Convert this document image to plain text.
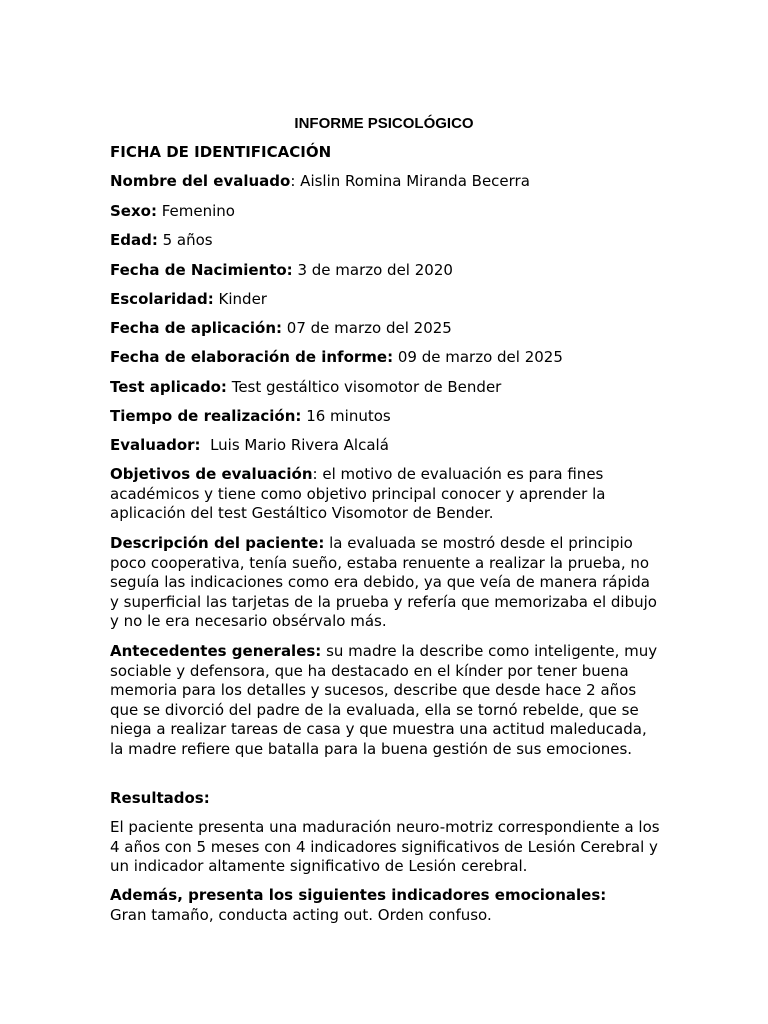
INFORME PSICOLÓGICO

FICHA DE IDENTIFICACIÓN

Nombre del evaluado: Aislin Romina Miranda Becerra

Sexo: Femenino

Edad: 5 años

Fecha de Nacimiento: 3 de marzo del 2020

Escolaridad: Kinder

Fecha de aplicación: 07 de marzo del 2025

Fecha de elaboración de informe: 09 de marzo del 2025

Test aplicado: Test gestáltico visomotor de Bender

Tiempo de realización: 16 minutos

Evaluador:  Luis Mario Rivera Alcalá

Objetivos de evaluación: el motivo de evaluación es para fines académicos y tiene como objetivo principal conocer y aprender la aplicación del test Gestáltico Visomotor de Bender.

Descripción del paciente: la evaluada se mostró desde el principio poco cooperativa, tenía sueño, estaba renuente a realizar la prueba, no seguía las indicaciones como era debido, ya que veía de manera rápida y superficial las tarjetas de la prueba y refería que memorizaba el dibujo y no le era necesario obsérvalo más.

Antecedentes generales: su madre la describe como inteligente, muy sociable y defensora, que ha destacado en el kínder por tener buena memoria para los detalles y sucesos, describe que desde hace 2 años que se divorció del padre de la evaluada, ella se tornó rebelde, que se niega a realizar tareas de casa y que muestra una actitud maleducada, la madre refiere que batalla para la buena gestión de sus emociones.

Resultados:

El paciente presenta una maduración neuro-motriz correspondiente a los 4 años con 5 meses con 4 indicadores significativos de Lesión Cerebral y un indicador altamente significativo de Lesión cerebral.

Además, presenta los siguientes indicadores emocionales:
Gran tamaño, conducta acting out. Orden confuso.
